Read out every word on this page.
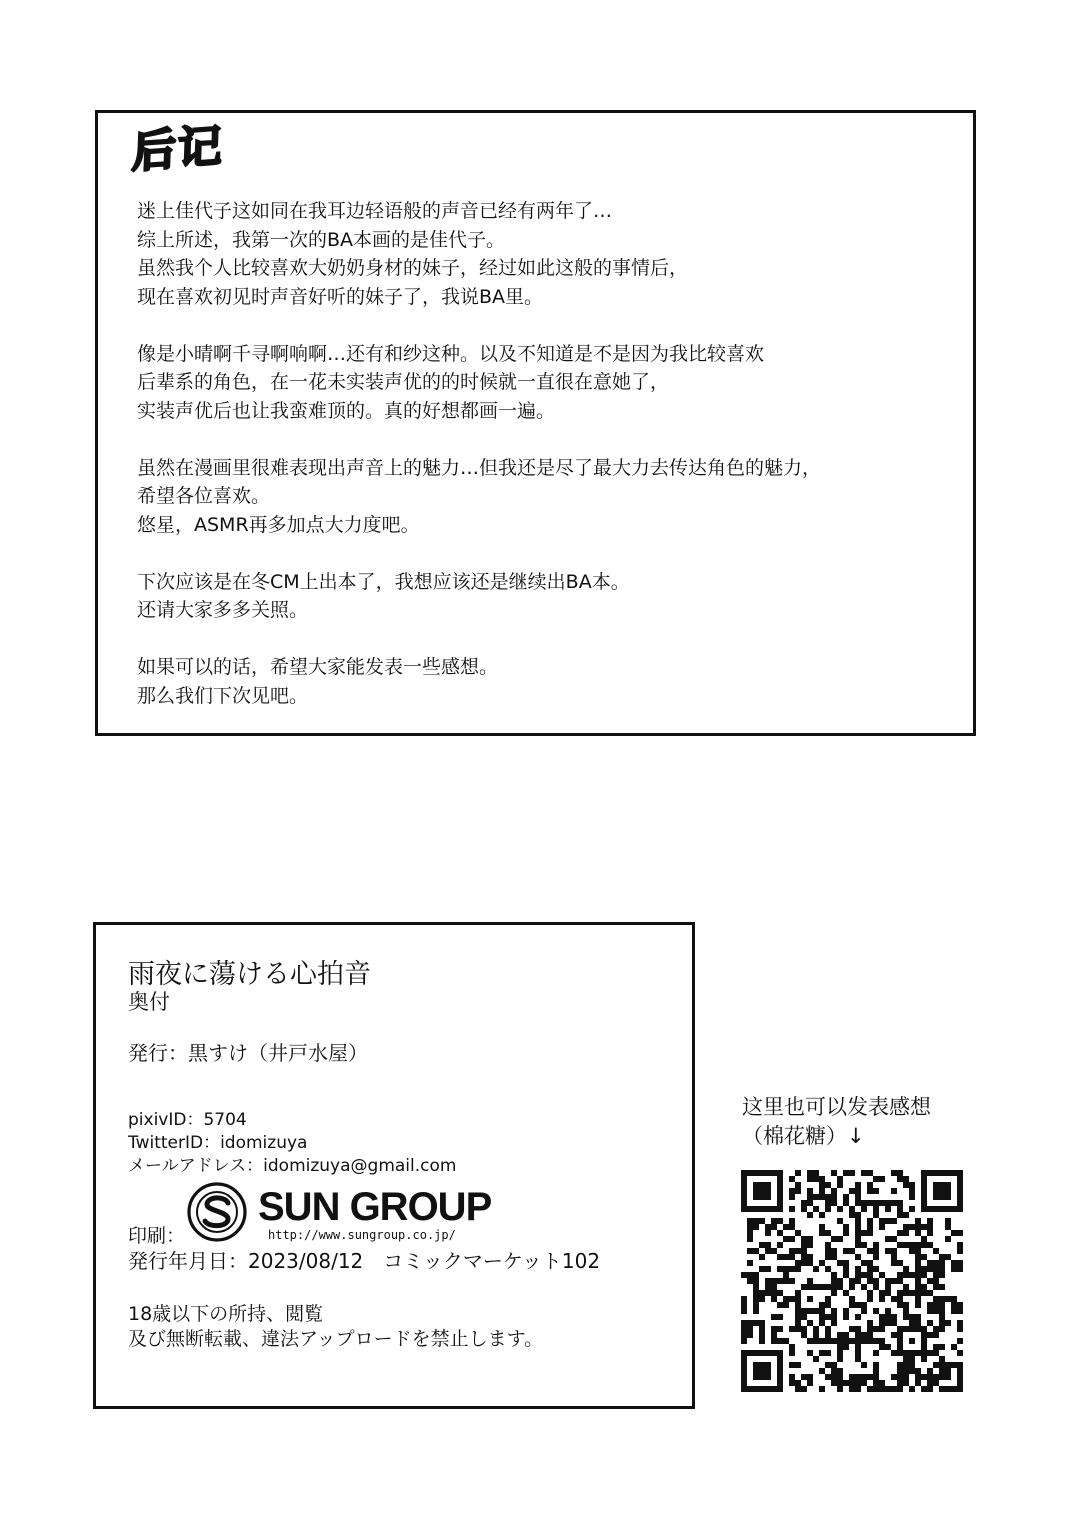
后记

迷上佳代子这如同在我耳边轻语般的声音已经有两年了…
综上所述，我第一次的BA本画的是佳代子。
虽然我个人比较喜欢大奶奶身材的妹子，经过如此这般的事情后，
现在喜欢初见时声音好听的妹子了，我说BA里。

像是小晴啊千寻啊响啊…还有和纱这种。以及不知道是不是因为我比较喜欢
后辈系的角色，在一花未实装声优的的时候就一直很在意她了，
实装声优后也让我蛮难顶的。真的好想都画一遍。

虽然在漫画里很难表现出声音上的魅力…但我还是尽了最大力去传达角色的魅力，
希望各位喜欢。
悠星，ASMR再多加点大力度吧。

下次应该是在冬CM上出本了，我想应该还是继续出BA本。
还请大家多多关照。

如果可以的话，希望大家能发表一些感想。
那么我们下次见吧。

雨夜に蕩ける心拍音
奥付
発行：黒すけ（井戸水屋）
pixivID：5704
TwitterID：idomizuya
メールアドレス：idomizuya@gmail.com
印刷：
SUN GROUP
http://www.sungroup.co.jp/
発行年月日：2023/08/12　コミックマーケット102
18歳以下の所持、閲覧
及び無断転載、違法アップロードを禁止します。
这里也可以发表感想
（棉花糖）↓
